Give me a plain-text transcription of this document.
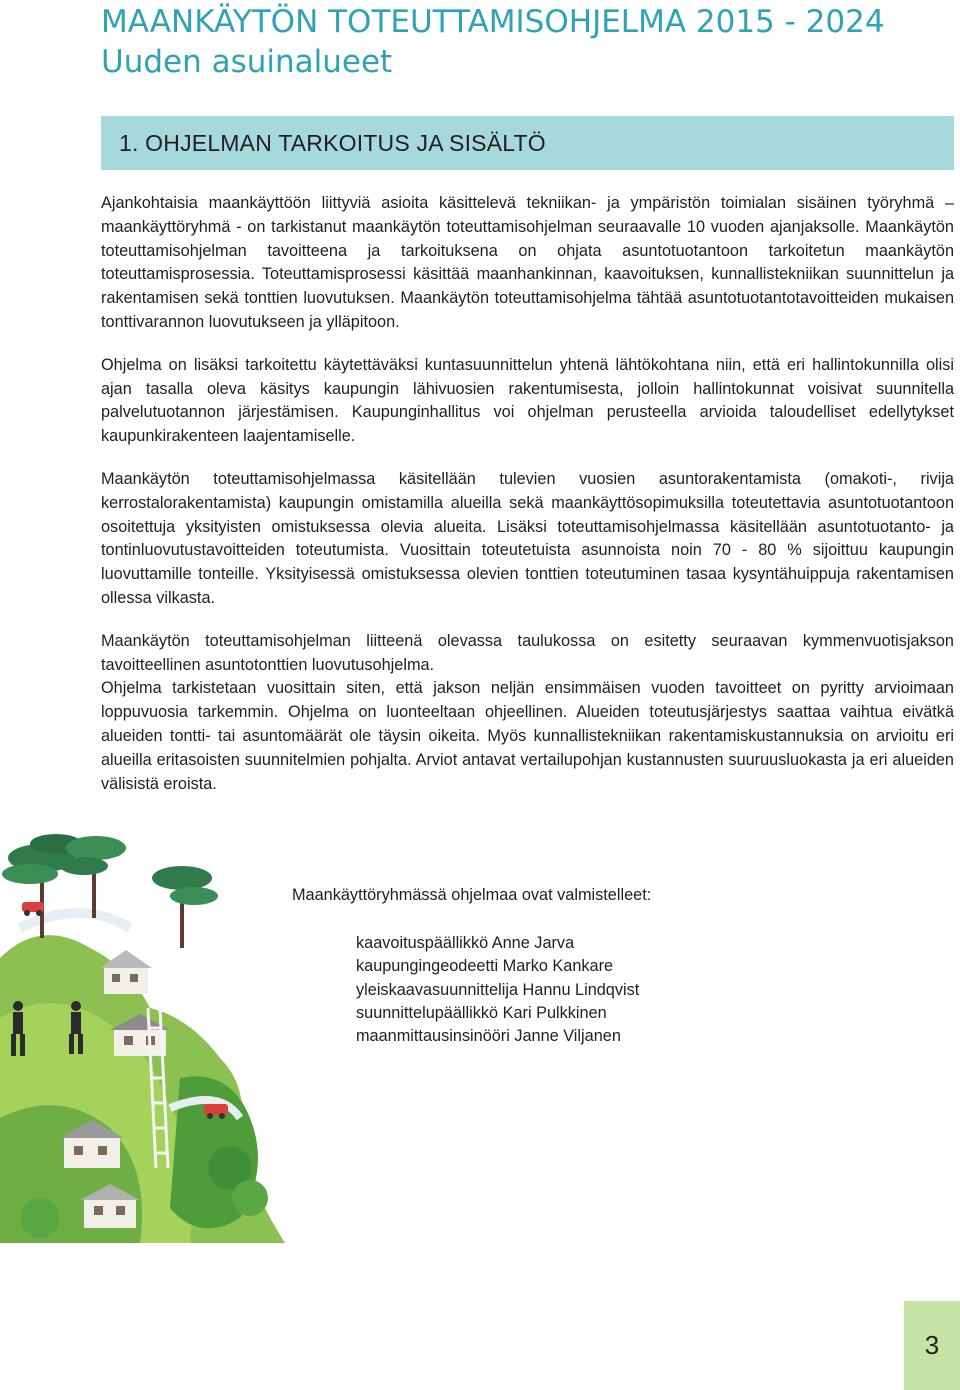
MAANKÄYTÖN TOTEUTTAMISOHJELMA 2015 - 2024
Uuden asuinalueet
1. OHJELMAN TARKOITUS JA SISÄLTÖ

Ajankohtaisia maankäyttöön liittyviä asioita käsittelevä tekniikan- ja ympäristön toimialan sisäinen työryhmä – maankäyttöryhmä - on tarkistanut maankäytön toteuttamisohjelman seuraavalle 10 vuoden ajanjaksolle. Maankäytön toteuttamisohjelman tavoitteena ja tarkoituksena on ohjata asuntotuotantoon tarkoitetun maankäytön toteuttamisprosessia. Toteuttamisprosessi käsittää maanhankinnan, kaavoituksen, kunnallistekniikan suunnittelun ja rakentamisen sekä tonttien luovutuksen. Maankäytön toteuttamisohjelma tähtää asuntotuotantotavoitteiden mukaisen tonttivarannon luovutukseen ja ylläpitoon.

Ohjelma on lisäksi tarkoitettu käytettäväksi kuntasuunnittelun yhtenä lähtökohtana niin, että eri hallintokunnilla olisi ajan tasalla oleva käsitys kaupungin lähivuosien rakentumisesta, jolloin hallintokunnat voisivat suunnitella palvelutuotannon järjestämisen. Kaupunginhallitus voi ohjelman perusteella arvioida taloudelliset edellytykset kaupunkirakenteen laajentamiselle.

Maankäytön toteuttamisohjelmassa käsitellään tulevien vuosien asuntorakentamista (omakoti-, rivija kerrostalorakentamista) kaupungin omistamilla alueilla sekä maankäyttösopimuksilla toteutettavia asuntotuotantoon osoitettuja yksityisten omistuksessa olevia alueita. Lisäksi toteuttamisohjelmassa käsitellään asuntotuotanto- ja tontinluovutustavoitteiden toteutumista. Vuosittain toteutetuista asunnoista noin 70 - 80 % sijoittuu kaupungin luovuttamille tonteille. Yksityisessä omistuksessa olevien tonttien toteutuminen tasaa kysyntähuippuja rakentamisen ollessa vilkasta.

Maankäytön toteuttamisohjelman liitteenä olevassa taulukossa on esitetty seuraavan kymmenvuotisjakson tavoitteellinen asuntotonttien luovutusohjelma.

Ohjelma tarkistetaan vuosittain siten, että jakson neljän ensimmäisen vuoden tavoitteet on pyritty arvioimaan loppuvuosia tarkemmin. Ohjelma on luonteeltaan ohjeellinen. Alueiden toteutusjärjestys saattaa vaihtua eivätkä alueiden tontti- tai asuntomäärät ole täysin oikeita. Myös kunnallistekniikan rakentamiskustannuksia on arvioitu eri alueilla eritasoisten suunnitelmien pohjalta. Arviot antavat vertailupohjan kustannusten suuruusluokasta ja eri alueiden välisistä eroista.

Maankäyttöryhmässä ohjelmaa ovat valmistelleet:

kaavoituspäällikkö Anne Jarva
kaupungingeodeetti Marko Kankare
yleiskaavasuunnittelija Hannu Lindqvist
suunnittelupäällikkö Kari Pulkkinen
maanmittausinsinööri Janne Viljanen
3
